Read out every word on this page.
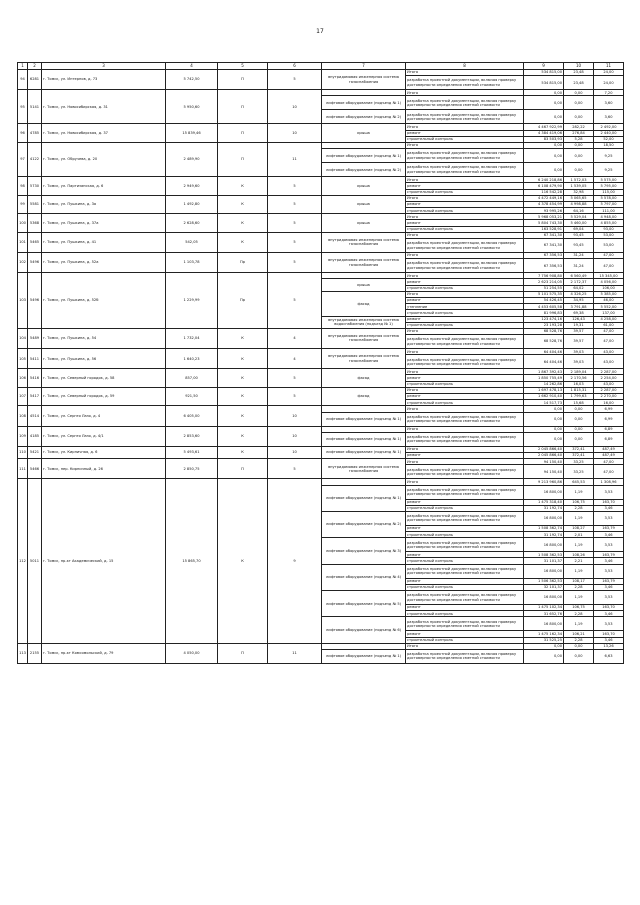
17
1	2	3	4	5	6	7	8	9	10	11
94	6281	г. Томск, ул. Интернов, д. 73	5 742,50	П	5	внутридомовая инженерная система газоснабжения	Итого	534 815,00	23,48	24,00
							разработка проектной документации, включая проверку достоверности определения сметной стоимости	534 815,00	23,48	24,00
95	5141	г. Томск, ул. Новосибирская, д. 31	5 950,60	П	10		Итого	0,00	0,00	7,20
						лифтовое оборудование (подъезд № 1)	разработка проектной документации, включая проверку достоверности определения сметной стоимости	0,00	0,00	3,60
						лифтовое оборудование (подъезд № 2)	разработка проектной документации, включая проверку достоверности определения сметной стоимости	0,00	0,00	3,60
96	4785	г. Томск, ул. Новосибирская, д. 37	15 839,46	П	10	крыша	Итого	4 467 922,99	282,22	2 492,00
							ремонт	4 384 419,06	276,84	2 440,00
							строительный контроль	83 503,93	5,28	52,00
97	4122	г. Томск, ул. Обручева, д. 20	2 489,90	П	11		Итого	0,00	0,00	18,50
						лифтовое оборудование (подъезд № 1)	разработка проектной документации, включая проверку достоверности определения сметной стоимости	0,00	0,00	9,25
						лифтовое оборудование (подъезд № 2)	разработка проектной документации, включая проверку достоверности определения сметной стоимости	0,00	0,00	9,25
98	5730	г. Томск, ул. Партизанская, д. 6	2 949,60	К	5	крыша	Итого	6 240 218,86	1 572,03	5 575,00
							ремонт	6 108 479,90	1 539,05	5 795,00
							строительный контроль	116 542,28	32,98	115,00
99	5581	г. Томск, ул. Пушкина, д. 3а	1 492,80	К	5	крыша	Итого	4 472 449,16	5 065,65	5 578,00
							ремонт	4 378 454,99	4 998,88	5 797,00
							строительный контроль	93 995,26	64,16	111,00
100	5368	г. Томск, ул. Пушкина, д. 37а	2 628,60	К	5	крыша	Итого	5 968 053,21	5 529,04	4 948,00
							ремонт	5 804 743,30	5 460,00	4 855,00
							строительный контроль	163 528,91	69,04	93,00
101	5465	г. Томск, ул. Пушкина, д. 41	542,05	К	5	внутридомовая инженерная система газоснабжения	Итого	67 341,30	93,45	53,00
							разработка проектной документации, включая проверку достоверности определения сметной стоимости	67 341,30	93,45	53,00
102	5496	г. Томск, ул. Пушкина, д. 52а	1 103,78	Пр	5	внутридомовая инженерная система газоснабжения	Итого	67 356,53	31,24	47,00
							разработка проектной документации, включая проверку достоверности определения сметной стоимости	67 356,53	31,24	47,00
103	5496	г. Томск, ул. Пушкина, д. 52б	1 229,99	Пр	5		Итого	7 756 908,80	6 560,49	15 345,00
						крыша	ремонт	2 623 214,05	2 172,37	4 056,00
							строительный контроль	51 254,55	64,02	106,00
						фасад	Итого	5 101 575,35	4 326,25	5 385,00
							ремонт	54 426,45	34,95	46,00
							утепление	4 453 605,58	3 791,88	5 552,00
							строительный контроль	81 996,83	69,38	137,00
						внутридомовая инженерная система водоснабжения (подъезд № 1)	ремонт	123 474,16	126,43	4 258,00
							строительный контроль	23 193,28	19,31	61,00
104	5489	г. Томск, ул. Пушкина, д. 54	1 732,04	К	4	внутридомовая инженерная система газоснабжения	Итого	68 528,76	39,57	47,00
							разработка проектной документации, включая проверку достоверности определения сметной стоимости	68 528,76	39,57	47,00
105	5411	г. Томск, ул. Пушкина, д. 56	1 640,23	К	4	внутридомовая инженерная система газоснабжения	Итого	64 404,46	39,03	43,00
							разработка проектной документации, включая проверку достоверности определения сметной стоимости	64 404,46	39,03	43,00
106	5416	г. Томск, ул. Северный городок, д. 58	857,00	К	5	фасад	Итого	1 867 392,43	2 189,04	2 287,00
							ремонт	1 850 755,49	2 170,56	2 254,00
							строительный контроль	14 262,86	16,03	43,00
107	5417	г. Томск, ул. Северный городок, д. 59	921,50	К	5	фасад	Итого	1 697 478,13	1 815,31	2 287,00
							ремонт	1 662 910,40	1 799,63	2 270,00
							строительный контроль	14 517,73	15,68	16,00
108	4514	г. Томск, ул. Сергея Лазо, д. 4	6 405,00	К	10		Итого	0,00	0,00	6,99
						лифтовое оборудование (подъезд № 1)	разработка проектной документации, включая проверку достоверности определения сметной стоимости	0,00	0,00	6,99
109	4185	г. Томск, ул. Сергея Лазо, д. 4/1	2 853,60	К	10		Итого	0,00	0,00	6,89
						лифтовое оборудование (подъезд № 1)	разработка проектной документации, включая проверку достоверности определения сметной стоимости	0,00	0,00	6,89
110	5421	г. Томск, ул. Кирпичная, д. 6	5 493,61	К	10	лифтовое оборудование (подъезд № 1)	Итого	2 045 866,40	372,41	487,49
							ремонт	2 045 866,40	372,41	487,49
111	5466	г. Томск, пер. Кирпичный, д. 26	2 850,75	П	5	внутридомовая инженерная система газоснабжения	Итого	94 150,40	33,25	47,00
							разработка проектной документации, включая проверку достоверности определения сметной стоимости	94 150,40	33,25	47,00
112	5011	г. Томск, пр-кт Академический, д. 15	15 865,70	К	9		Итого	9 213 960,86	645,53	1 308,96
						лифтовое оборудование (подъезд № 1)	разработка проектной документации, включая проверку достоверности определения сметной стоимости	16 800,00	1,19	3,53
							ремонт	1 475 318,40	106,75	163,70
							строительный контроль	31 192,74	2,28	3,46
						лифтовое оборудование (подъезд № 2)	разработка проектной документации, включая проверку достоверности определения сметной стоимости	16 800,00	1,19	3,53
							ремонт	1 508 362,74	108,27	163,79
							строительный контроль	31 192,74	2,01	3,46
						лифтовое оборудование (подъезд № 3)	разработка проектной документации, включая проверку достоверности определения сметной стоимости	16 800,00	1,19	3,53
							ремонт	1 508 362,53	108,26	163,79
							строительный контроль	31 101,37	2,21	3,46
						лифтовое оборудование (подъезд № 4)	разработка проектной документации, включая проверку достоверности определения сметной стоимости	16 800,00	1,19	3,53
							ремонт	1 506 362,53	108,17	163,79
							строительный контроль	32 101,37	2,28	3,46
						лифтовое оборудование (подъезд № 5)	разработка проектной документации, включая проверку достоверности определения сметной стоимости	16 800,00	1,19	3,53
							ремонт	1 475 102,34	106,75	163,70
							строительный контроль	31 652,76	2,28	3,46
						лифтовое оборудование (подъезд № 6)	разработка проектной документации, включая проверку достоверности определения сметной стоимости	16 800,00	1,19	3,53
							ремонт	1 475 162,34	106,21	163,70
							строительный контроль	31 525,25	2,28	3,46
113	2155	г. Томск, пр-кт Комсомольский, д. 79	4 050,00	П	11		Итого	0,00	0,00	13,26
						лифтовое оборудование (подъезд № 1)	разработка проектной документации, включая проверку достоверности определения сметной стоимости	0,00	0,00	6,63
